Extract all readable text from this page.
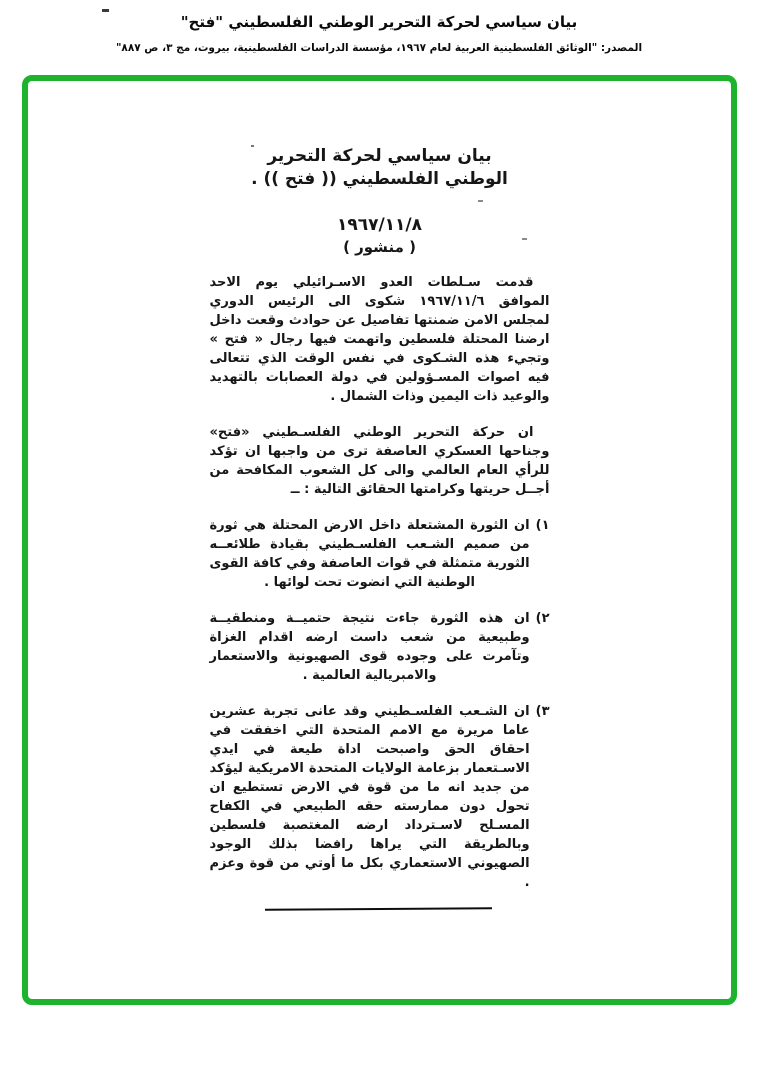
بيان سياسي لحركة التحرير الوطني الفلسطيني "فتح"
المصدر: "الوثائق الفلسطينية العربية لعام ١٩٦٧، مؤسسة الدراسات الفلسطينية، بيروت، مج ٣، ص ٨٨٧"
بيان سياسي لحركة التحرير الوطني الفلسطيني (( فتح )) .
١٩٦٧/١١/٨
( منشور )

قدمت سـلطات العدو الاسـرائيلي يوم الاحد الموافق ١٩٦٧/١١/٦ شكوى الى الرئيس الدوري لمجلس الامن ضمنتها تفاصيل عن حوادث وقعت داخل ارضنا المحتلة فلسطين واتهمت فيها رجال « فتح » وتجيء هذه الشـكوى في نفس الوقت الذي تتعالى فيه اصوات المسـؤولين في دولة العصابات بالتهديد والوعيد ذات اليمين وذات الشمال .

ان حركة التحرير الوطني الفلسـطيني «فتح» وجناحها العسكري العاصفة ترى من واجبها ان تؤكد للرأي العام العالمي والى كل الشعوب المكافحة من أجــل حريتها وكرامتها الحقائق التالية : ــ

١)
ان الثورة المشتعلة داخل الارض المحتلة هي ثورة من صميم الشـعب الفلسـطيني بقيادة طلائعــه الثورية متمثلة في قوات العاصفة وفي كافة القوى الوطنية التي انضوت تحت لوائها .
٢)
ان هذه الثورة جاءت نتيجة حتميــة ومنطقيــة وطبيعية من شعب داست ارضه اقدام الغزاة وتآمرت على وجوده قوى الصهيونية والاستعمار والامبريالية العالمية .
٣)
ان الشـعب الفلسـطيني وقد عانى تجربة عشرين عاما مريرة مع الامم المتحدة التي اخفقت في احقاق الحق واصبحت اداة طيعة في ايدي الاسـتعمار بزعامة الولايات المتحدة الامريكية ليؤكد من جديد انه ما من قوة في الارض تستطيع ان تحول دون ممارسته حقه الطبيعي في الكفاح المسـلح لاسـترداد ارضه المغتصبة فلسطين وبالطريقة التي يراها رافضا بذلك الوجود الصهيوني الاستعماري بكل ما أوتي من قوة وعزم .
